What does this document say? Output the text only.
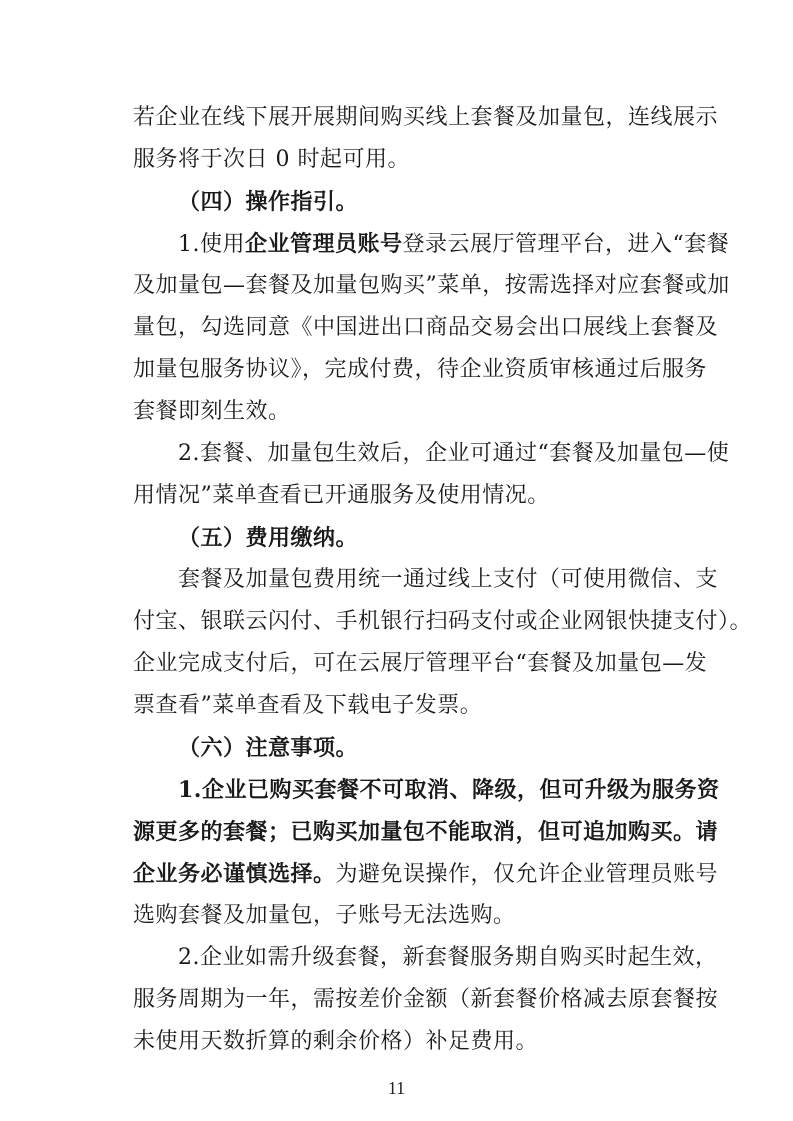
若企业在线下展开展期间购买线上套餐及加量包，连线展示
服务将于次日 0 时起可用。
（四）操作指引。
1.使用企业管理员账号登录云展厅管理平台，进入“套餐
及加量包—套餐及加量包购买”菜单，按需选择对应套餐或加
量包，勾选同意《中国进出口商品交易会出口展线上套餐及
加量包服务协议》，完成付费，待企业资质审核通过后服务
套餐即刻生效。
2.套餐、加量包生效后，企业可通过“套餐及加量包—使
用情况”菜单查看已开通服务及使用情况。
（五）费用缴纳。
套餐及加量包费用统一通过线上支付（可使用微信、支
付宝、银联云闪付、手机银行扫码支付或企业网银快捷支付）。
企业完成支付后，可在云展厅管理平台“套餐及加量包—发
票查看”菜单查看及下载电子发票。
（六）注意事项。
1.企业已购买套餐不可取消、降级，但可升级为服务资
源更多的套餐；已购买加量包不能取消，但可追加购买。请
企业务必谨慎选择。为避免误操作，仅允许企业管理员账号
选购套餐及加量包，子账号无法选购。
2.企业如需升级套餐，新套餐服务期自购买时起生效，
服务周期为一年，需按差价金额（新套餐价格减去原套餐按
未使用天数折算的剩余价格）补足费用。
11
